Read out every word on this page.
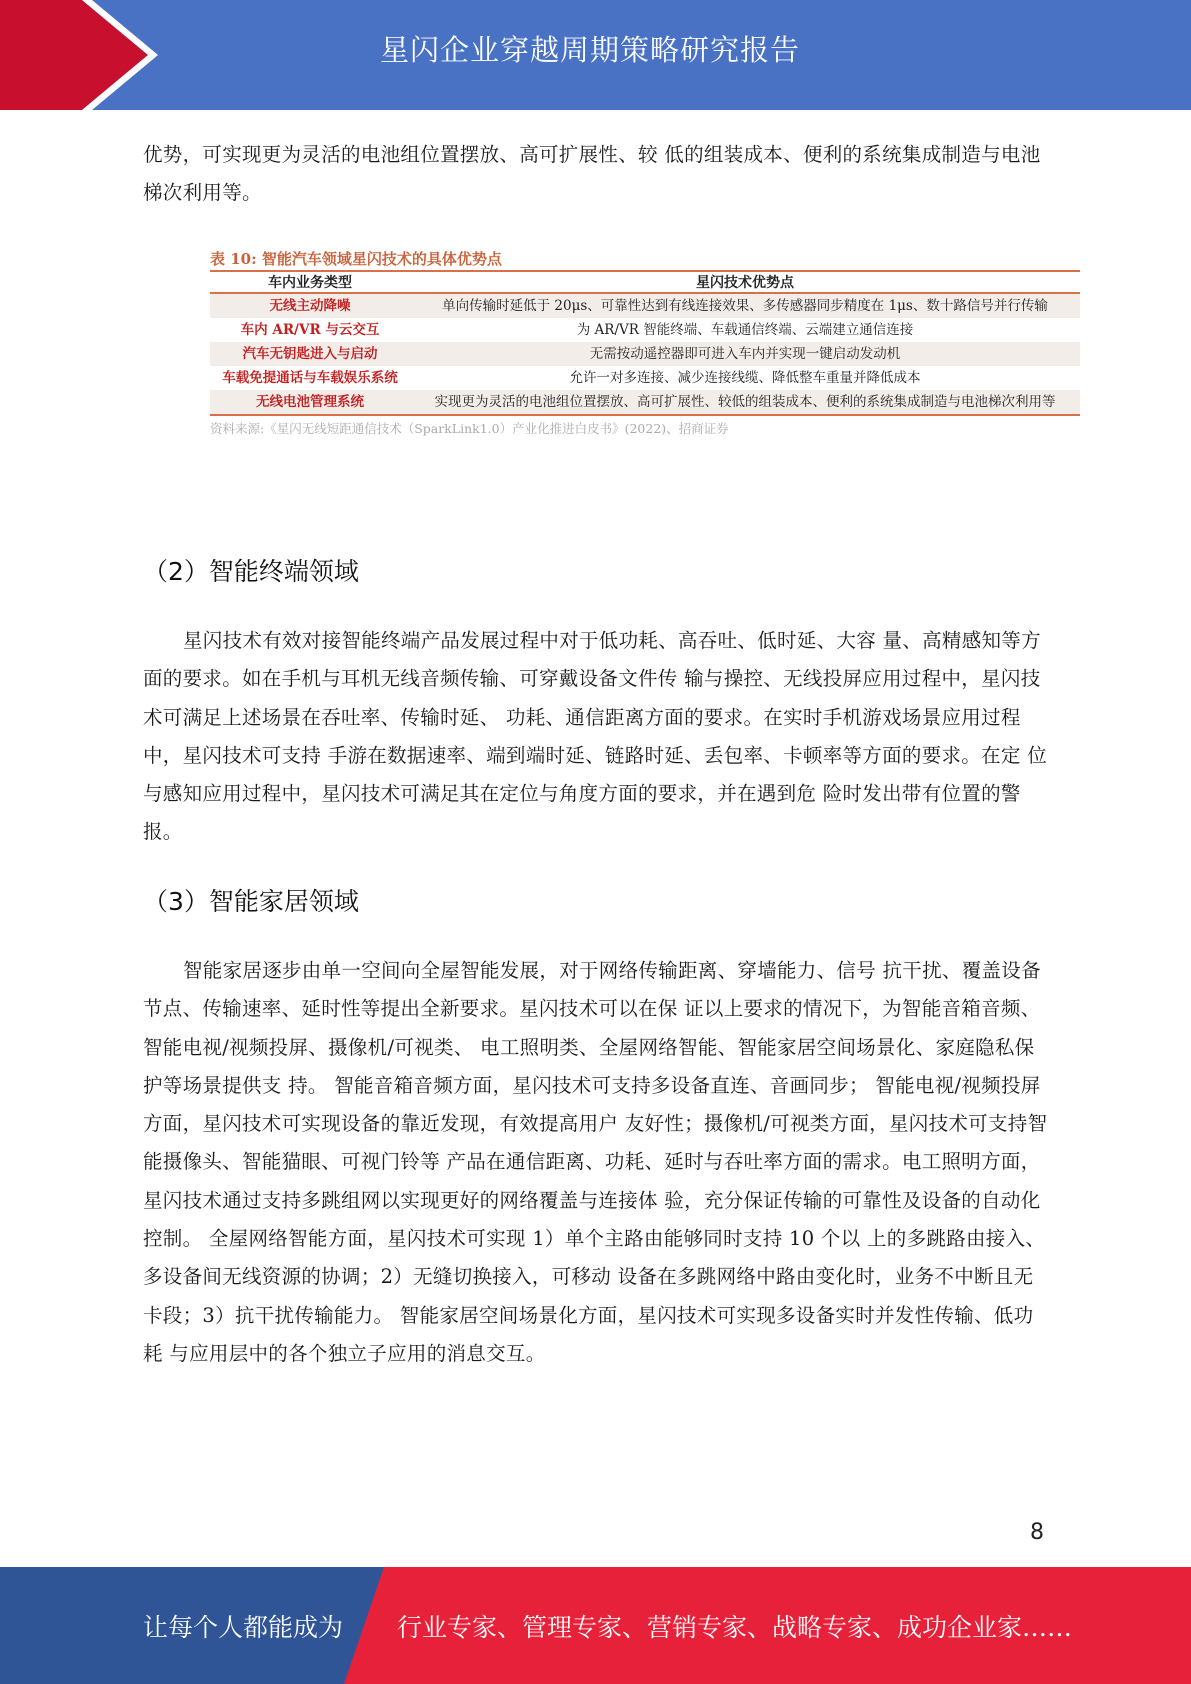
星闪企业穿越周期策略研究报告

优势，可实现更为灵活的电池组位置摆放、高可扩展性、较 低的组装成本、便利的系统集成制造与电池梯次利用等。

表 10: 智能汽车领域星闪技术的具体优势点
车内业务类型	星闪技术优势点
无线主动降噪	单向传输时延低于 20μs、可靠性达到有线连接效果、多传感器同步精度在 1μs、数十路信号并行传输
车内 AR/VR 与云交互	为 AR/VR 智能终端、车载通信终端、云端建立通信连接
汽车无钥匙进入与启动	无需按动遥控器即可进入车内并实现一键启动发动机
车载免提通话与车载娱乐系统	允许一对多连接、减少连接线缆、降低整车重量并降低成本
无线电池管理系统	实现更为灵活的电池组位置摆放、高可扩展性、较低的组装成本、便利的系统集成制造与电池梯次利用等
资料来源:《星闪无线短距通信技术（SparkLink1.0）产业化推进白皮书》(2022)、招商证券
（2）智能终端领域

星闪技术有效对接智能终端产品发展过程中对于低功耗、高吞吐、低时延、大容 量、高精感知等方面的要求。如在手机与耳机无线音频传输、可穿戴设备文件传 输与操控、无线投屏应用过程中，星闪技术可满足上述场景在吞吐率、传输时延、 功耗、通信距离方面的要求。在实时手机游戏场景应用过程中，星闪技术可支持 手游在数据速率、端到端时延、链路时延、丢包率、卡顿率等方面的要求。在定 位与感知应用过程中，星闪技术可满足其在定位与角度方面的要求，并在遇到危 险时发出带有位置的警报。

（3）智能家居领域

智能家居逐步由单一空间向全屋智能发展，对于网络传输距离、穿墙能力、信号 抗干扰、覆盖设备节点、传输速率、延时性等提出全新要求。星闪技术可以在保 证以上要求的情况下，为智能音箱音频、智能电视/视频投屏、摄像机/可视类、 电工照明类、全屋网络智能、智能家居空间场景化、家庭隐私保护等场景提供支 持。 智能音箱音频方面，星闪技术可支持多设备直连、音画同步； 智能电视/视频投屏方面，星闪技术可实现设备的靠近发现，有效提高用户 友好性；摄像机/可视类方面，星闪技术可支持智能摄像头、智能猫眼、可视门铃等 产品在通信距离、功耗、延时与吞吐率方面的需求。电工照明方面，星闪技术通过支持多跳组网以实现更好的网络覆盖与连接体 验，充分保证传输的可靠性及设备的自动化控制。 全屋网络智能方面，星闪技术可实现 1）单个主路由能够同时支持 10 个以 上的多跳路由接入、多设备间无线资源的协调；2）无缝切换接入，可移动 设备在多跳网络中路由变化时，业务不中断且无卡段；3）抗干扰传输能力。 智能家居空间场景化方面，星闪技术可实现多设备实时并发性传输、低功耗 与应用层中的各个独立子应用的消息交互。

8
让每个人都能成为 行业专家、管理专家、营销专家、战略专家、成功企业家……
